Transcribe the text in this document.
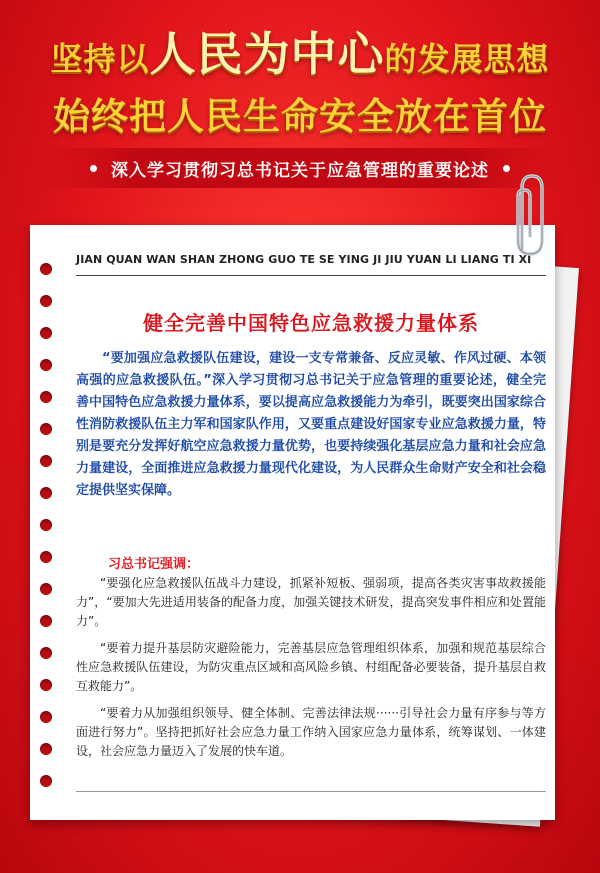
坚持以人民为中心的发展思想
始终把人民生命安全放在首位
深入学习贯彻习总书记关于应急管理的重要论述
JIAN QUAN WAN SHAN ZHONG GUO TE SE YING JI JIU YUAN LI LIANG TI XI
健全完善中国特色应急救援力量体系

“要加强应急救援队伍建设，建设一支专常兼备、反应灵敏、作风过硬、本领高强的应急救援队伍。”深入学习贯彻习总书记关于应急管理的重要论述，健全完善中国特色应急救援力量体系，要以提高应急救援能力为牵引，既要突出国家综合性消防救援队伍主力军和国家队作用，又要重点建设好国家专业应急救援力量，特别是要充分发挥好航空应急救援力量优势，也要持续强化基层应急力量和社会应急力量建设，全面推进应急救援力量现代化建设，为人民群众生命财产安全和社会稳定提供坚实保障。

习总书记强调：

“要强化应急救援队伍战斗力建设，抓紧补短板、强弱项，提高各类灾害事故救援能力”，“要加大先进适用装备的配备力度，加强关键技术研发，提高突发事件相应和处置能力”。

“要着力提升基层防灾避险能力，完善基层应急管理组织体系，加强和规范基层综合性应急救援队伍建设，为防灾重点区域和高风险乡镇、村组配备必要装备，提升基层自救互救能力”。

“要着力从加强组织领导、健全体制、完善法律法规······引导社会力量有序参与等方面进行努力”。坚持把抓好社会应急力量工作纳入国家应急力量体系，统筹谋划、一体建设，社会应急力量迈入了发展的快车道。
